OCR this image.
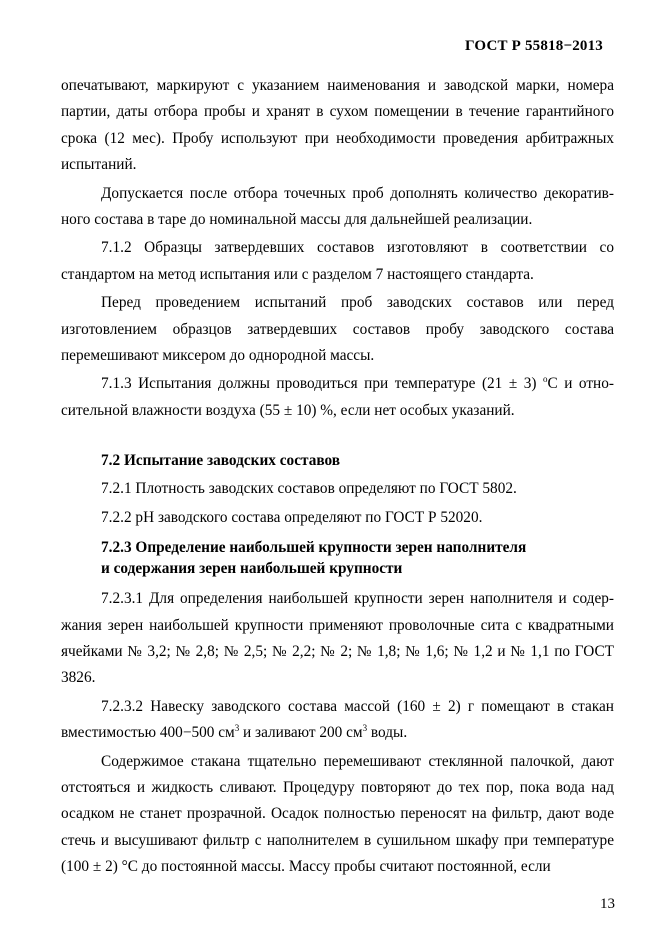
ГОСТ Р 55818−2013

опечатывают, маркируют с указанием наименования и заводской марки, номера партии, даты отбора пробы и хранят в сухом помещении в течение гарантийного срока (12 мес). Пробу используют при необходимости проведения арбитражных испытаний.

Допускается после отбора точечных проб дополнять количество декоративного состава в таре до номинальной массы для дальнейшей реализации.

7.1.2 Образцы затвердевших составов изготовляют в соответствии со стандартом на метод испытания или с разделом 7 настоящего стандарта.

Перед проведением испытаний проб заводских составов или перед изготовлением образцов затвердевших составов пробу заводского состава перемешивают миксером до однородной массы.

7.1.3 Испытания должны проводиться при температуре (21 ± 3) $^о$С и относительной влажности воздуха (55 ± 10) %, если нет особых указаний.

7.2 Испытание заводских составов

7.2.1 Плотность заводских составов определяют по ГОСТ 5802.

7.2.2 рН заводского состава определяют по ГОСТ Р 52020.

7.2.3 Определение наибольшей крупности зерен наполнителя
и содержания зерен наибольшей крупности

7.2.3.1 Для определения наибольшей крупности зерен наполнителя и содержания зерен наибольшей крупности применяют проволочные сита с квадратными ячейками № 3,2; № 2,8; № 2,5; № 2,2; № 2; № 1,8; № 1,6; № 1,2 и № 1,1 по ГОСТ 3826.

7.2.3.2 Навеску заводского состава массой (160 ± 2) г помещают в стакан вместимостью 400−500 $см^3$ и заливают 200 $см^3$ воды.

Содержимое стакана тщательно перемешивают стеклянной палочкой, дают отстояться и жидкость сливают. Процедуру повторяют до тех пор, пока вода над осадком не станет прозрачной. Осадок полностью переносят на фильтр, дают воде стечь и высушивают фильтр с наполнителем в сушильном шкафу при температуре (100 ± 2) °С до постоянной массы. Массу пробы считают постоянной, если

13
